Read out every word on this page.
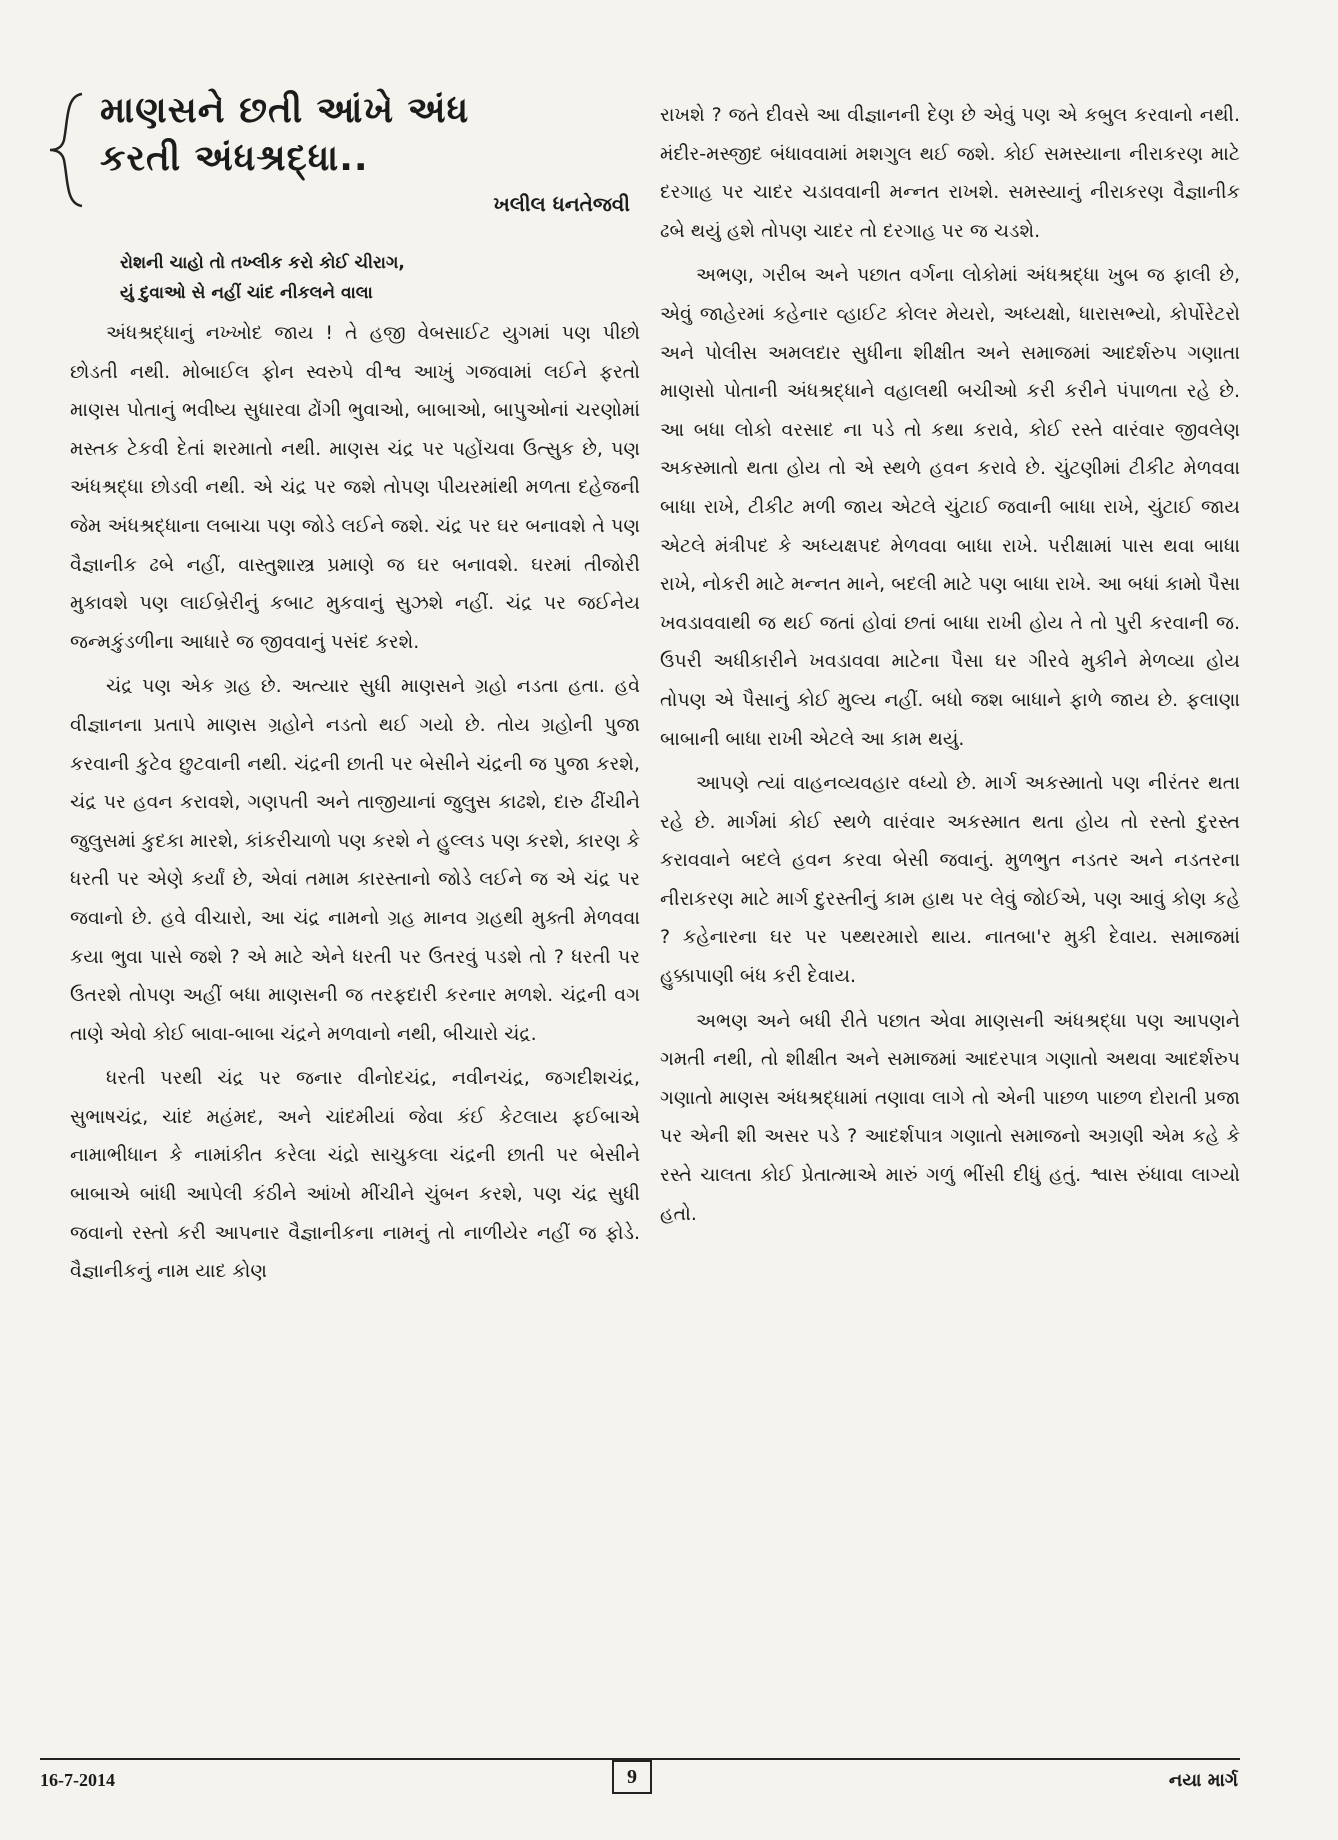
માણસને છતી આંખે અંધ
કરતી અંધશ્રદ્ધા..
ખલીલ ધનતેજવી
રોશની ચાહો તો તખ્લીક કરો કોઈ ચીરાગ,
યું દુવાઓ સે નહીં ચાંદ નીકલને વાલા

અંધશ્રદ્ધાનું નખ્ખોદ જાય ! તે હજી વેબસાઈટ યુગમાં પણ પીછો છોડતી નથી. મોબાઈલ ફોન સ્વરુપે વીશ્વ આખું ગજવામાં લઈને ફરતો માણસ પોતાનું ભવીષ્ય સુધારવા ઢોંગી ભુવાઓ, બાબાઓ, બાપુઓનાં ચરણોમાં મસ્તક ટેકવી દેતાં શરમાતો નથી. માણસ ચંદ્ર પર પહોંચવા ઉત્સુક છે, પણ અંધશ્રદ્ધા છોડવી નથી. એ ચંદ્ર પર જશે તોપણ પીયરમાંથી મળતા દહેજની જેમ અંધશ્રદ્ધાના લબાચા પણ જોડે લઈને જશે. ચંદ્ર પર ઘર બનાવશે તે પણ વૈજ્ઞાનીક ઢબે નહીં, વાસ્તુશાસ્ત્ર પ્રમાણે જ ઘર બનાવશે. ઘરમાં તીજોરી મુકાવશે પણ લાઈબ્રેરીનું કબાટ મુકવાનું સુઝશે નહીં. ચંદ્ર પર જઈનેય જન્મકુંડળીના આધારે જ જીવવાનું પસંદ કરશે.

ચંદ્ર પણ એક ગ્રહ છે. અત્યાર સુધી માણસને ગ્રહો નડતા હતા. હવે વીજ્ઞાનના પ્રતાપે માણસ ગ્રહોને નડતો થઈ ગયો છે. તોય ગ્રહોની પુજા કરવાની કુટેવ છુટવાની નથી. ચંદ્રની છાતી પર બેસીને ચંદ્રની જ પુજા કરશે, ચંદ્ર પર હવન કરાવશે, ગણપતી અને તાજીયાનાં જુલુસ કાઢશે, દારુ ઢીંચીને જુલુસમાં કુદકા મારશે, કાંકરીચાળો પણ કરશે ને હુલ્લડ પણ કરશે, કારણ કે ધરતી પર એણે કર્યાં છે, એવાં તમામ કારસ્તાનો જોડે લઈને જ એ ચંદ્ર પર જવાનો છે. હવે વીચારો, આ ચંદ્ર નામનો ગ્રહ માનવ ગ્રહથી મુક્તી મેળવવા કયા ભુવા પાસે જશે ? એ માટે એને ધરતી પર ઉતરવું પડશે તો ? ધરતી પર ઉતરશે તોપણ અહીં બધા માણસની જ તરફદારી કરનાર મળશે. ચંદ્રની વગ તાણે એવો કોઈ બાવા-બાબા ચંદ્રને મળવાનો નથી, બીચારો ચંદ્ર.

ધરતી પરથી ચંદ્ર પર જનાર વીનોદચંદ્ર, નવીનચંદ્ર, જગદીશચંદ્ર, સુભાષચંદ્ર, ચાંદ મહંમદ, અને ચાંદમીયાં જેવા કંઈ કેટલાય ફઈબાએ નામાભીધાન કે નામાંકીત કરેલા ચંદ્રો સાચુકલા ચંદ્રની છાતી પર બેસીને બાબાએ બાંધી આપેલી કંઠીને આંખો મીંચીને ચુંબન કરશે, પણ ચંદ્ર સુધી જવાનો રસ્તો કરી આપનાર વૈજ્ઞાનીકના નામનું તો નાળીયેર નહીં જ ફોડે. વૈજ્ઞાનીકનું નામ યાદ કોણ

રાખશે ? જતે દીવસે આ વીજ્ઞાનની દેણ છે એવું પણ એ કબુલ કરવાનો નથી. મંદીર-મસ્જીદ બંધાવવામાં મશગુલ થઈ જશે. કોઈ સમસ્યાના નીરાકરણ માટે દરગાહ પર ચાદર ચડાવવાની મન્નત રાખશે. સમસ્યાનું નીરાકરણ વૈજ્ઞાનીક ઢબે થયું હશે તોપણ ચાદર તો દરગાહ પર જ ચડશે.

અભણ, ગરીબ અને પછાત વર્ગના લોકોમાં અંધશ્રદ્ધા ખુબ જ ફાલી છે, એવું જાહેરમાં કહેનાર વ્હાઈટ કોલર મેયરો, અધ્યક્ષો, ધારાસભ્યો, કોર્પોરેટરો અને પોલીસ અમલદાર સુધીના શીક્ષીત અને સમાજમાં આદર્શરુપ ગણાતા માણસો પોતાની અંધશ્રદ્ધાને વહાલથી બચીઓ કરી કરીને પંપાળતા રહે છે. આ બધા લોકો વરસાદ ના પડે તો કથા કરાવે, કોઈ રસ્તે વારંવાર જીવલેણ અકસ્માતો થતા હોય તો એ સ્થળે હવન કરાવે છે. ચુંટણીમાં ટીકીટ મેળવવા બાધા રાખે, ટીકીટ મળી જાય એટલે ચુંટાઈ જવાની બાધા રાખે, ચુંટાઈ જાય એટલે મંત્રીપદ કે અધ્યક્ષપદ મેળવવા બાધા રાખે. પરીક્ષામાં પાસ થવા બાધા રાખે, નોકરી માટે મન્નત માને, બદલી માટે પણ બાધા રાખે. આ બધાં કામો પૈસા ખવડાવવાથી જ થઈ જતાં હોવાં છતાં બાધા રાખી હોય તે તો પુરી કરવાની જ. ઉપરી અધીકારીને ખવડાવવા માટેના પૈસા ઘર ગીરવે મુકીને મેળવ્યા હોય તોપણ એ પૈસાનું કોઈ મુલ્ય નહીં. બધો જશ બાધાને ફાળે જાય છે. ફલાણા બાબાની બાધા રાખી એટલે આ કામ થયું.

આપણે ત્યાં વાહનવ્યવહાર વધ્યો છે. માર્ગ અકસ્માતો પણ નીરંતર થતા રહે છે. માર્ગમાં કોઈ સ્થળે વારંવાર અકસ્માત થતા હોય તો રસ્તો દુરસ્ત કરાવવાને બદલે હવન કરવા બેસી જવાનું. મુળભુત નડતર અને નડતરના નીરાકરણ માટે માર્ગ દુરસ્તીનું કામ હાથ પર લેવું જોઈએ, પણ આવું કોણ કહે ? કહેનારના ઘર પર પથ્થરમારો થાય. નાતબા'ર મુકી દેવાય. સમાજમાં હુક્કાપાણી બંધ કરી દેવાય.

અભણ અને બધી રીતે પછાત એવા માણસની અંધશ્રદ્ધા પણ આપણને ગમતી નથી, તો શીક્ષીત અને સમાજમાં આદરપાત્ર ગણાતો અથવા આદર્શરુપ ગણાતો માણસ અંધશ્રદ્ધામાં તણાવા લાગે તો એની પાછળ પાછળ દોરાતી પ્રજા પર એની શી અસર પડે ? આદર્શપાત્ર ગણાતો સમાજનો અગ્રણી એમ કહે કે રસ્તે ચાલતા કોઈ પ્રેતાત્માએ મારું ગળું ભીંસી દીધું હતું. શ્વાસ રુંધાવા લાગ્યો હતો.

16-7-2014	9	નયા માર્ગ
